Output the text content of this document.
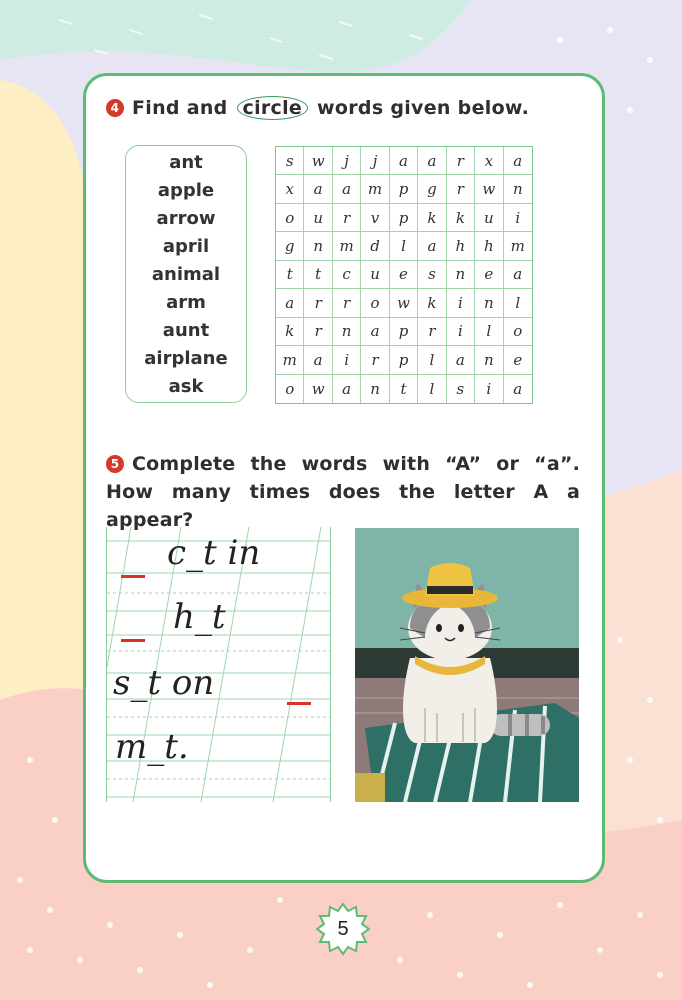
4 Find and circle words given below.
ant
apple
arrow
april
animal
arm
aunt
airplane
ask
s	w	j	j	a	a	r	x	a
x	a	a	m	p	g	r	w	n
o	u	r	v	p	k	k	u	i
g	n	m	d	l	a	h	h	m
t	t	c	u	e	s	n	e	a
a	r	r	o	w	k	i	n	l
k	r	n	a	p	r	i	l	o
m	a	i	r	p	l	a	n	e
o	w	a	n	t	l	s	i	a
5 Complete the words with “A” or “a”. How many times does the letter A a appear?
c_t in
h_t
s_t on
m_t.
5
